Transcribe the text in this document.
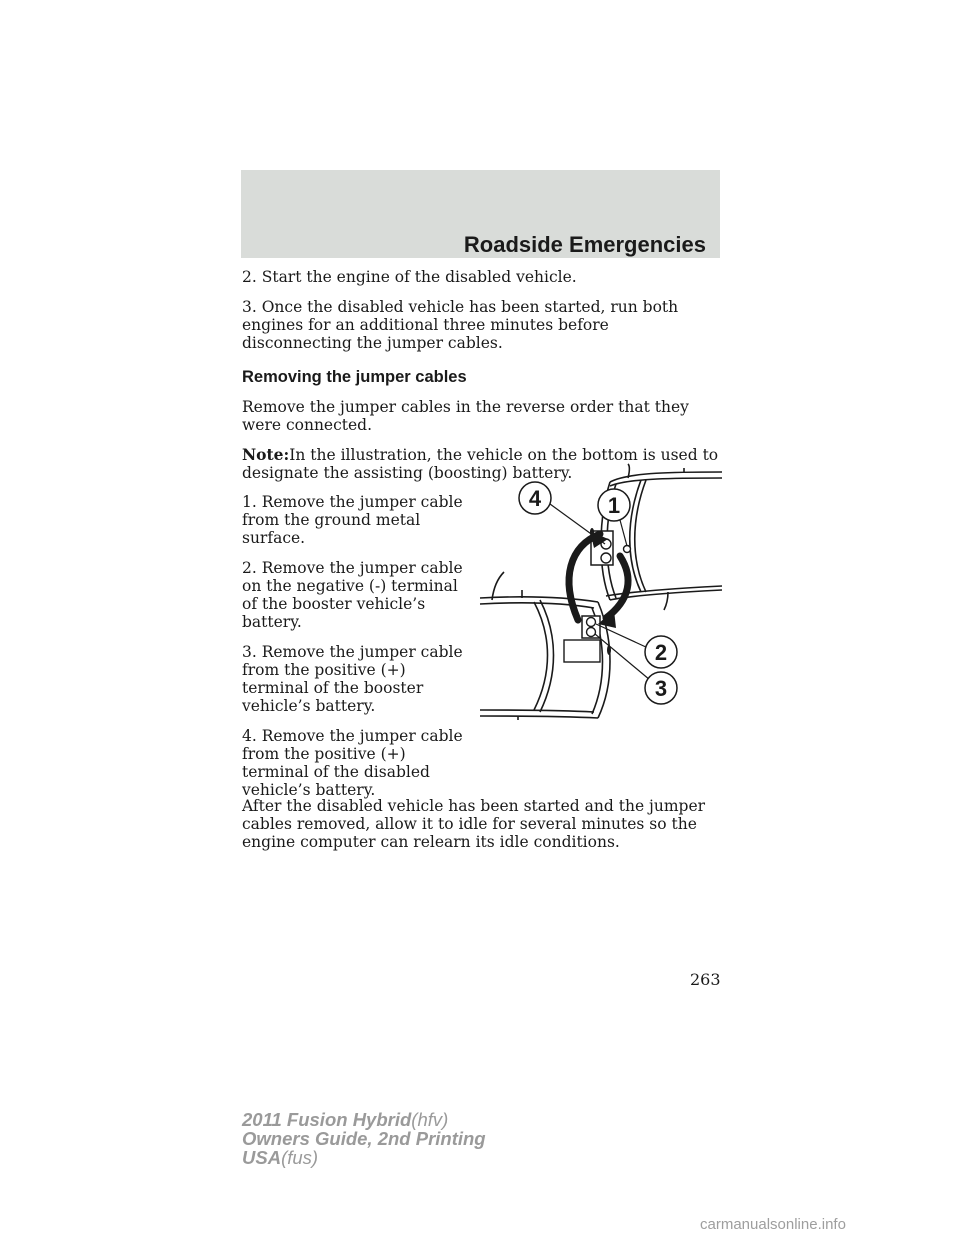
Roadside Emergencies

2. Start the engine of the disabled vehicle.

3. Once the disabled vehicle has been started, run both engines for an additional three minutes before disconnecting the jumper cables.

Removing the jumper cables

Remove the jumper cables in the reverse order that they were connected.

Note:In the illustration, the vehicle on the bottom is used to designate the assisting (boosting) battery.

1. Remove the jumper cable from the ground metal surface.

2. Remove the jumper cable on the negative (-) terminal of the booster vehicle’s battery.

3. Remove the jumper cable from the positive (+) terminal of the booster vehicle’s battery.

4. Remove the jumper cable from the positive (+) terminal of the disabled vehicle’s battery.

4	1
2
3

After the disabled vehicle has been started and the jumper cables removed, allow it to idle for several minutes so the engine computer can relearn its idle conditions.

263
2011 Fusion Hybrid(hfv)
Owners Guide, 2nd Printing
USA(fus)
carmanualsonline.info
